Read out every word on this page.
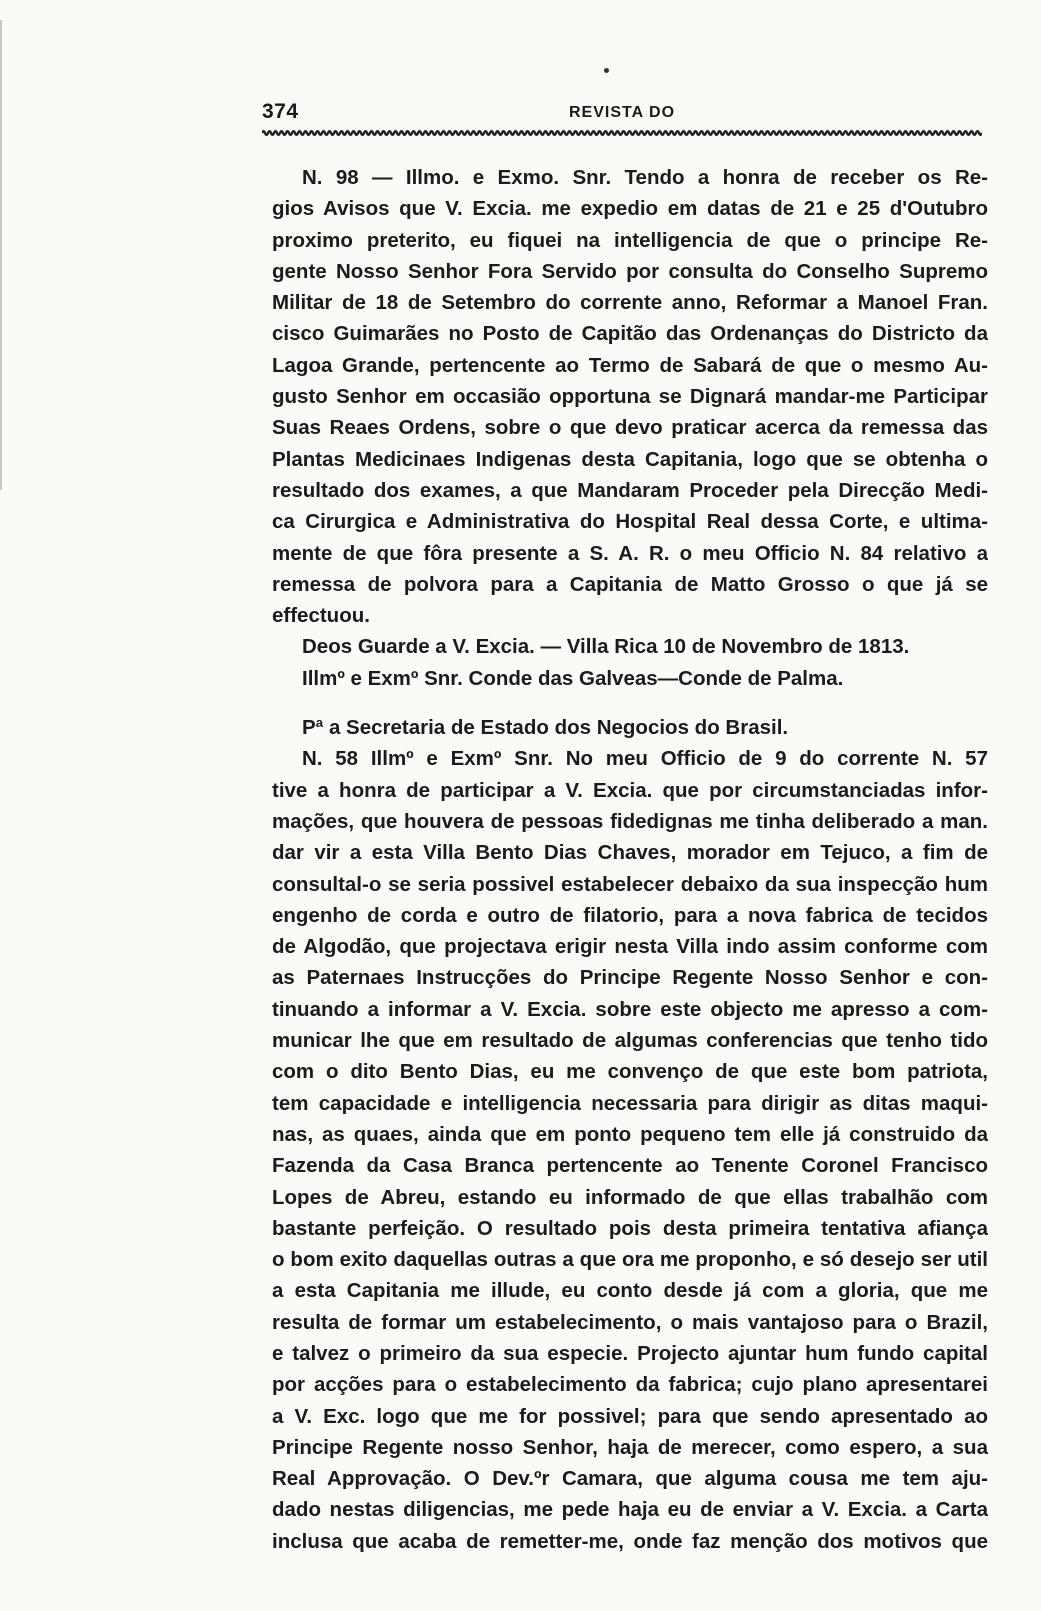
374	REVISTA DO
N. 98 — Illmo. e Exmo. Snr. Tendo a honra de receber os Re-
gios Avisos que V. Excia. me expedio em datas de 21 e 25 d'Outubro
proximo preterito, eu fiquei na intelligencia de que o principe Re-
gente Nosso Senhor Fora Servido por consulta do Conselho Supremo
Militar de 18 de Setembro do corrente anno, Reformar a Manoel Fran.
cisco Guimarães no Posto de Capitão das Ordenanças do Districto da
Lagoa Grande, pertencente ao Termo de Sabará de que o mesmo Au-
gusto Senhor em occasião opportuna se Dignará mandar-me Participar
Suas Reaes Ordens, sobre o que devo praticar acerca da remessa das
Plantas Medicinaes Indigenas desta Capitania, logo que se obtenha o
resultado dos exames, a que Mandaram Proceder pela Direcção Medi-
ca Cirurgica e Administrativa do Hospital Real dessa Corte, e ultima-
mente de que fôra presente a S. A. R. o meu Officio N. 84 relativo a
remessa de polvora para a Capitania de Matto Grosso o que já se
effectuou.
Deos Guarde a V. Excia. — Villa Rica 10 de Novembro de 1813.
Illmº e Exmº Snr. Conde das Galveas—Conde de Palma.
Pª a Secretaria de Estado dos Negocios do Brasil.
N. 58 Illmº e Exmº Snr. No meu Officio de 9 do corrente N. 57
tive a honra de participar a V. Excia. que por circumstanciadas infor-
mações, que houvera de pessoas fidedignas me tinha deliberado a man.
dar vir a esta Villa Bento Dias Chaves, morador em Tejuco, a fim de
consultal-o se seria possivel estabelecer debaixo da sua inspecção hum
engenho de corda e outro de filatorio, para a nova fabrica de tecidos
de Algodão, que projectava erigir nesta Villa indo assim conforme com
as Paternaes Instrucções do Principe Regente Nosso Senhor e con-
tinuando a informar a V. Excia. sobre este objecto me apresso a com-
municar lhe que em resultado de algumas conferencias que tenho tido
com o dito Bento Dias, eu me convenço de que este bom patriota,
tem capacidade e intelligencia necessaria para dirigir as ditas maqui-
nas, as quaes, ainda que em ponto pequeno tem elle já construido da
Fazenda da Casa Branca pertencente ao Tenente Coronel Francisco
Lopes de Abreu, estando eu informado de que ellas trabalhão com
bastante perfeição. O resultado pois desta primeira tentativa afiança
o bom exito daquellas outras a que ora me proponho, e só desejo ser util
a esta Capitania me illude, eu conto desde já com a gloria, que me
resulta de formar um estabelecimento, o mais vantajoso para o Brazil,
e talvez o primeiro da sua especie. Projecto ajuntar hum fundo capital
por acções para o estabelecimento da fabrica; cujo plano apresentarei
a V. Exc. logo que me for possivel; para que sendo apresentado ao
Principe Regente nosso Senhor, haja de merecer, como espero, a sua
Real Approvação. O Dev.ºr Camara, que alguma cousa me tem aju-
dado nestas diligencias, me pede haja eu de enviar a V. Excia. a Carta
inclusa que acaba de remetter-me, onde faz menção dos motivos que
